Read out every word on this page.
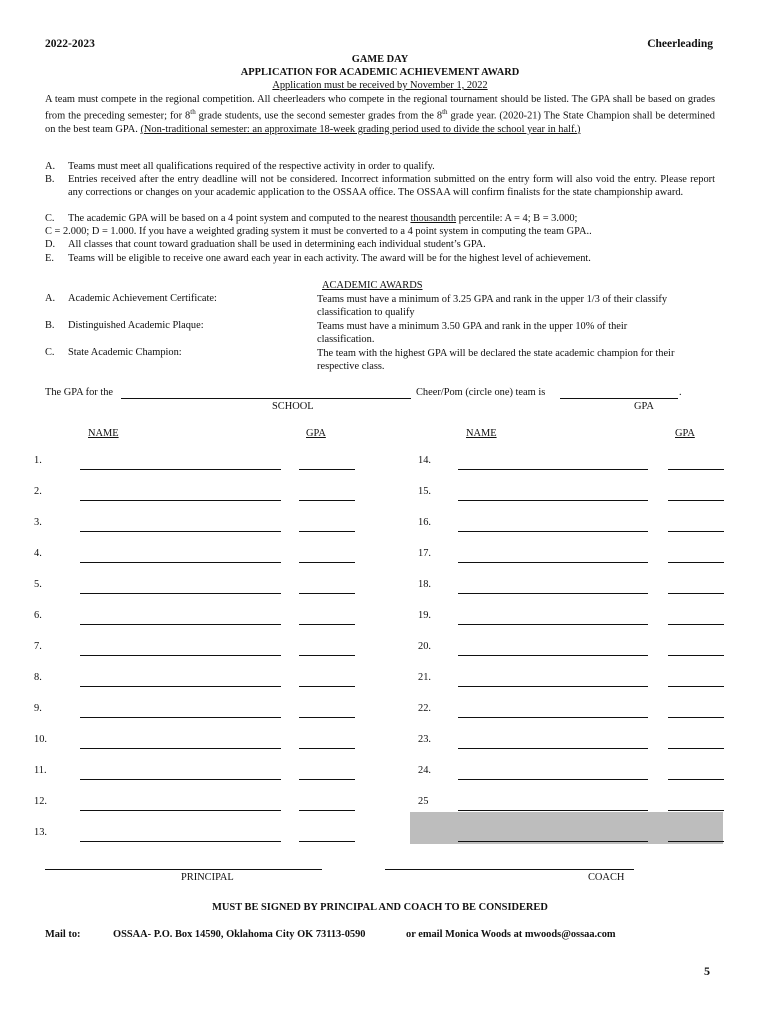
2022-2023	Cheerleading
GAME DAY
APPLICATION FOR ACADEMIC ACHIEVEMENT AWARD
Application must be received by November 1, 2022
A team must compete in the regional competition. All cheerleaders who compete in the regional tournament should be listed. The GPA shall be based on grades from the preceding semester; for 8th grade students, use the second semester grades from the 8th grade year. (2020-21) The State Champion shall be determined on the best team GPA. (Non-traditional semester: an approximate 18-week grading period used to divide the school year in half.)
A. Teams must meet all qualifications required of the respective activity in order to qualify.
B. Entries received after the entry deadline will not be considered. Incorrect information submitted on the entry form will also void the entry. Please report any corrections or changes on your academic application to the OSSAA office. The OSSAA will confirm finalists for the state championship award.
C. The academic GPA will be based on a 4 point system and computed to the nearest thousandth percentile: A = 4; B = 3.000;
C = 2.000; D = 1.000. If you have a weighted grading system it must be converted to a 4 point system in computing the team GPA..
D. All classes that count toward graduation shall be used in determining each individual student’s GPA.
E. Teams will be eligible to receive one award each year in each activity. The award will be for the highest level of achievement.
ACADEMIC AWARDS
A. Academic Achievement Certificate:	Teams must have a minimum of 3.25 GPA and rank in the upper 1/3 of their classify classification to qualify
B. Distinguished Academic Plaque:	Teams must have a minimum 3.50 GPA and rank in the upper 10% of their classification.
C. State Academic Champion:	The team with the highest GPA will be declared the state academic champion for their respective class.
The GPA for the	Cheer/Pom (circle one) team is	.
SCHOOL	GPA
NAME	GPA	NAME	GPA
1.	14.
2.	15.
3.	16.
4.	17.
5.	18.
6.	19.
7.	20.
8.	21.
9.	22.
10.	23.
11.	24.
12.	25
13.
PRINCIPAL	COACH
MUST BE SIGNED BY PRINCIPAL AND COACH TO BE CONSIDERED
Mail to:	OSSAA- P.O. Box 14590, Oklahoma City OK 73113-0590	or email Monica Woods at mwoods@ossaa.com
5
